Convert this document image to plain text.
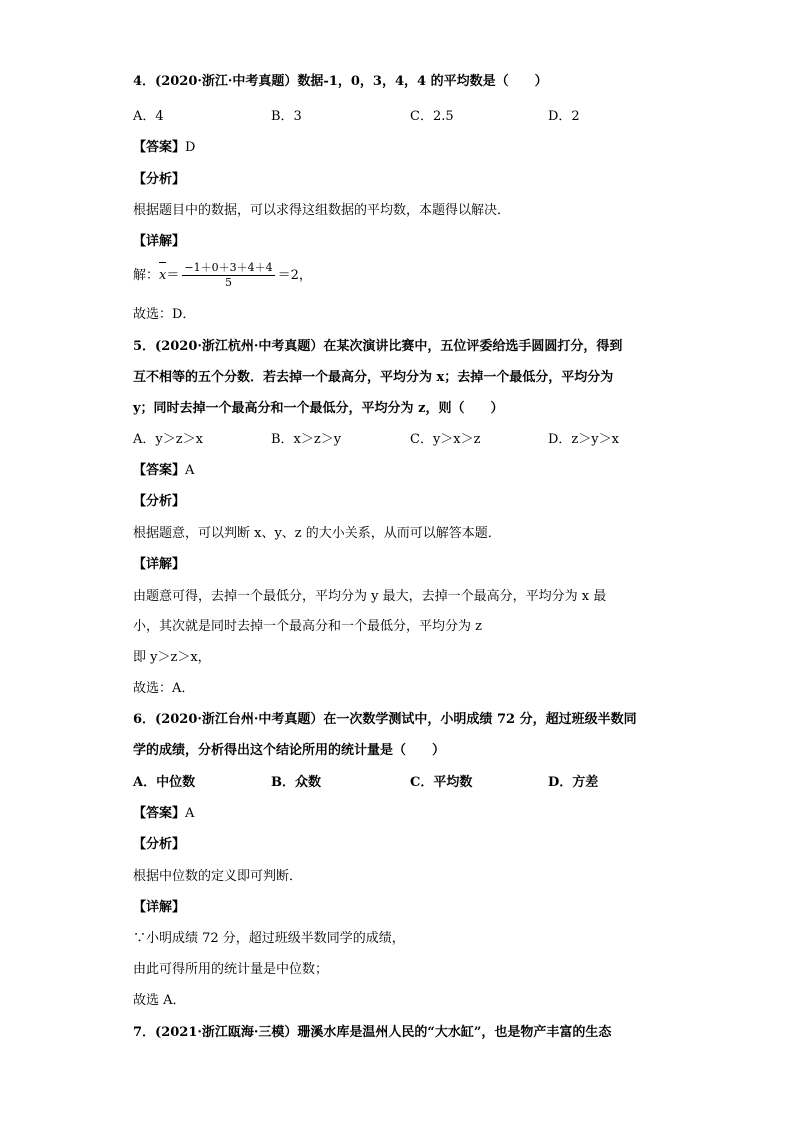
4．(2020·浙江·中考真题）数据-1，0，3，4，4 的平均数是（　　）
A．4	B．3	C．2.5	D．2
【答案】D
【分析】
根据题目中的数据，可以求得这组数据的平均数，本题得以解决．
【详解】
解：$x= \frac{-1+0+3+4+4}{5} =2$，
故选：D．
5．(2020·浙江杭州·中考真题）在某次演讲比赛中，五位评委给选手圆圆打分，得到
互不相等的五个分数．若去掉一个最高分，平均分为 x；去掉一个最低分，平均分为
y；同时去掉一个最高分和一个最低分，平均分为 z，则（　　）
A．y＞z＞x	B．x＞z＞y	C．y＞x＞z	D．z＞y＞x
【答案】A
【分析】
根据题意，可以判断 x、y、z 的大小关系，从而可以解答本题．
【详解】
由题意可得，去掉一个最低分，平均分为 y 最大，去掉一个最高分，平均分为 x 最
小，其次就是同时去掉一个最高分和一个最低分，平均分为 z
即 y＞z＞x，
故选：A．
6．(2020·浙江台州·中考真题）在一次数学测试中，小明成绩 72 分，超过班级半数同
学的成绩，分析得出这个结论所用的统计量是（　　）
A．中位数	B．众数	C．平均数	D．方差
【答案】A
【分析】
根据中位数的定义即可判断．
【详解】
∵小明成绩 72 分，超过班级半数同学的成绩，
由此可得所用的统计量是中位数；
故选 A．
7．(2021·浙江瓯海·三模）珊溪水库是温州人民的“大水缸”，也是物产丰富的生态
